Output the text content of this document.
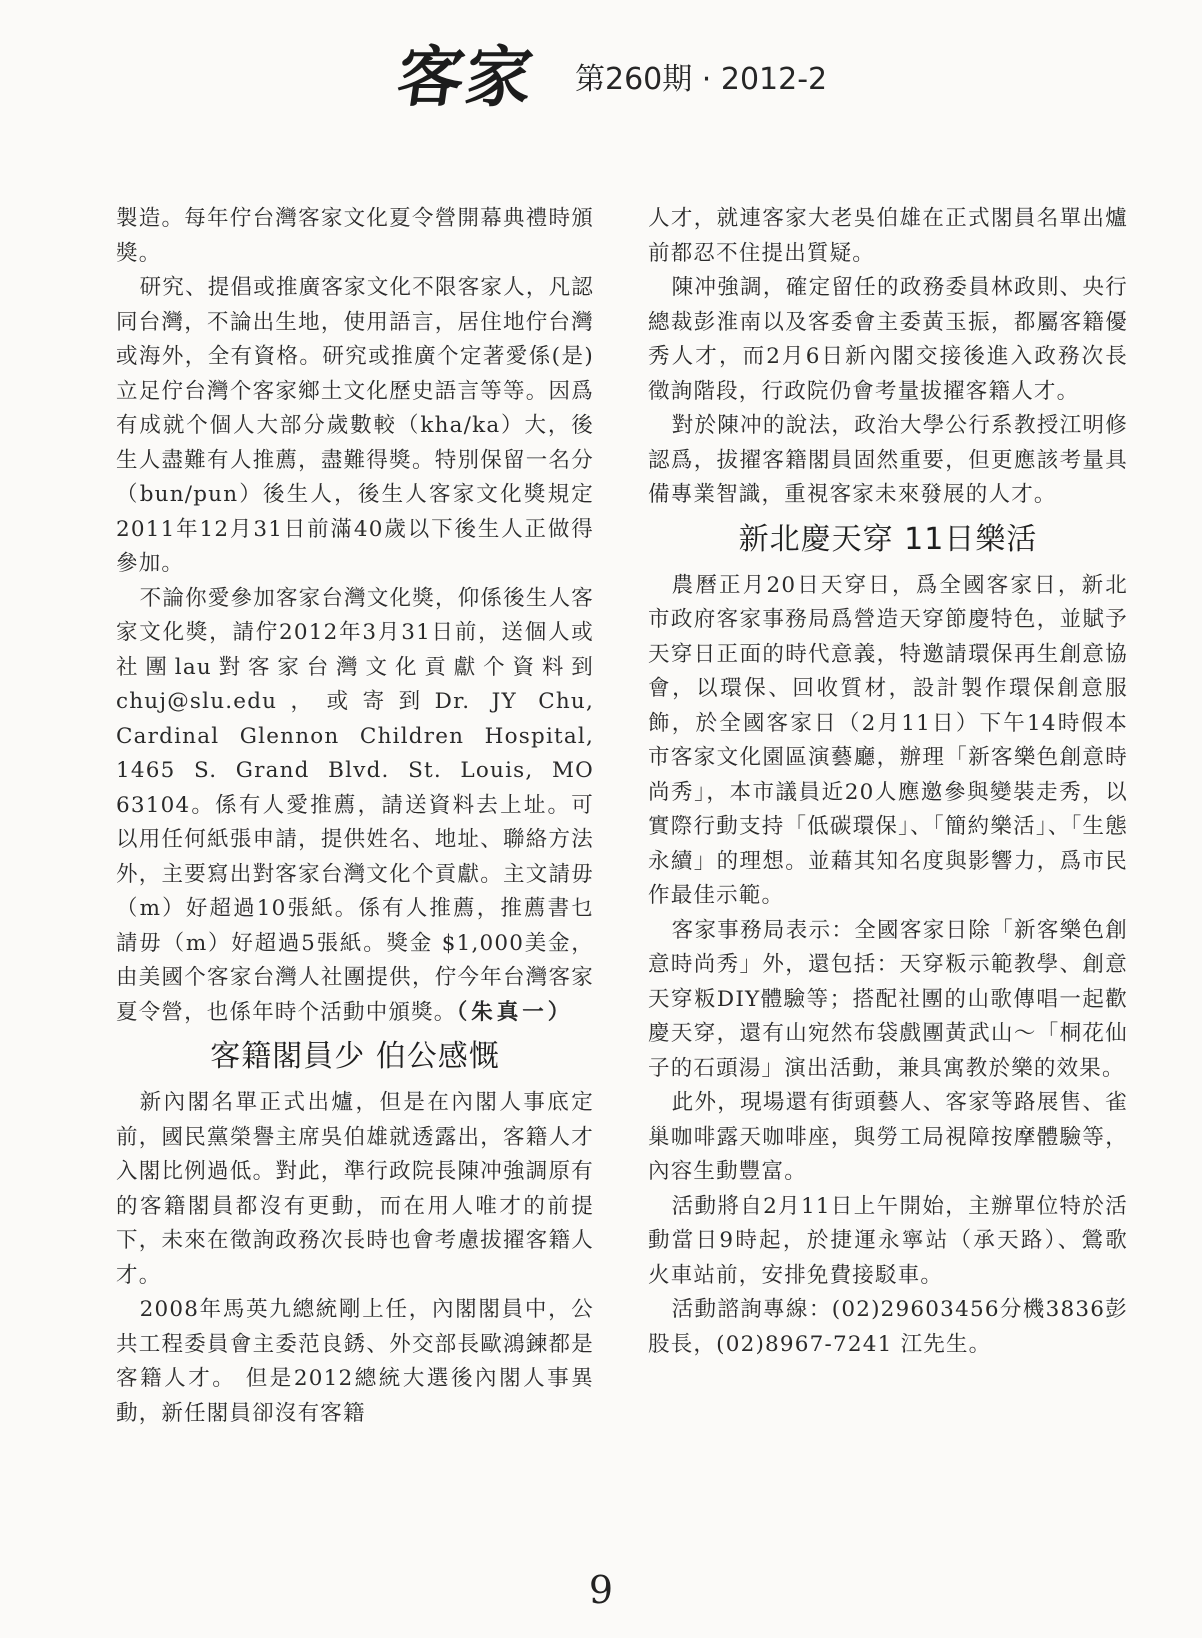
客家 第260期 · 2012-2

製造。每年佇台灣客家文化夏令營開幕典禮時頒獎。

研究、提倡或推廣客家文化不限客家人，凡認同台灣，不論出生地，使用語言，居住地佇台灣或海外，全有資格。研究或推廣个定著愛係(是)立足佇台灣个客家鄉土文化歷史語言等等。因爲有成就个個人大部分歲數較（kha/ka）大，後生人盡難有人推薦，盡難得獎。特別保留一名分（bun/pun）後生人，後生人客家文化獎規定2011年12月31日前滿40歲以下後生人正做得參加。

不論你愛參加客家台灣文化獎，仰係後生人客家文化獎，請佇2012年3月31日前，送個人或社團lau對客家台灣文化貢獻个資料到chuj@slu.edu，或寄到Dr. JY Chu, Cardinal Glennon Children Hospital, 1465 S. Grand Blvd. St. Louis, MO 63104。係有人愛推薦，請送資料去上址。可以用任何紙張申請，提供姓名、地址、聯絡方法外，主要寫出對客家台灣文化个貢獻。主文請毋（m）好超過10張紙。係有人推薦，推薦書乜請毋（m）好超過5張紙。獎金 $1,000美金，由美國个客家台灣人社團提供，佇今年台灣客家夏令營，也係年時个活動中頒獎。（朱真一）

客籍閣員少 伯公感慨

新內閣名單正式出爐，但是在內閣人事底定前，國民黨榮譽主席吳伯雄就透露出，客籍人才入閣比例過低。對此，準行政院長陳冲強調原有的客籍閣員都沒有更動，而在用人唯才的前提下，未來在徵詢政務次長時也會考慮拔擢客籍人才。

2008年馬英九總統剛上任，內閣閣員中，公共工程委員會主委范良銹、外交部長歐鴻鍊都是客籍人才。 但是2012總統大選後內閣人事異動，新任閣員卻沒有客籍

人才，就連客家大老吳伯雄在正式閣員名單出爐前都忍不住提出質疑。

陳冲強調，確定留任的政務委員林政則、央行總裁彭淮南以及客委會主委黃玉振，都屬客籍優秀人才，而2月6日新內閣交接後進入政務次長徵詢階段，行政院仍會考量拔擢客籍人才。

對於陳冲的說法，政治大學公行系教授江明修認爲，拔擢客籍閣員固然重要，但更應該考量具備專業智識，重視客家未來發展的人才。

新北慶天穿 11日樂活

農曆正月20日天穿日，爲全國客家日，新北市政府客家事務局爲營造天穿節慶特色，並賦予天穿日正面的時代意義，特邀請環保再生創意協會，以環保、回收質材，設計製作環保創意服飾，於全國客家日（2月11日）下午14時假本市客家文化園區演藝廳，辦理「新客樂色創意時尚秀」，本市議員近20人應邀參與變裝走秀，以實際行動支持「低碳環保」、「簡約樂活」、「生態永續」的理想。並藉其知名度與影響力，爲市民作最佳示範。

客家事務局表示：全國客家日除「新客樂色創意時尚秀」外，還包括：天穿粄示範教學、創意天穿粄DIY體驗等；搭配社團的山歌傳唱一起歡慶天穿，還有山宛然布袋戲團黃武山～「桐花仙子的石頭湯」演出活動，兼具寓教於樂的效果。

此外，現場還有街頭藝人、客家等路展售、雀巢咖啡露天咖啡座，與勞工局視障按摩體驗等，內容生動豐富。

活動將自2月11日上午開始，主辦單位特於活動當日9時起，於捷運永寧站（承天路）、鶯歌火車站前，安排免費接駁車。

活動諮詢專線：(02)29603456分機3836彭股長，(02)8967-7241 江先生。

9
